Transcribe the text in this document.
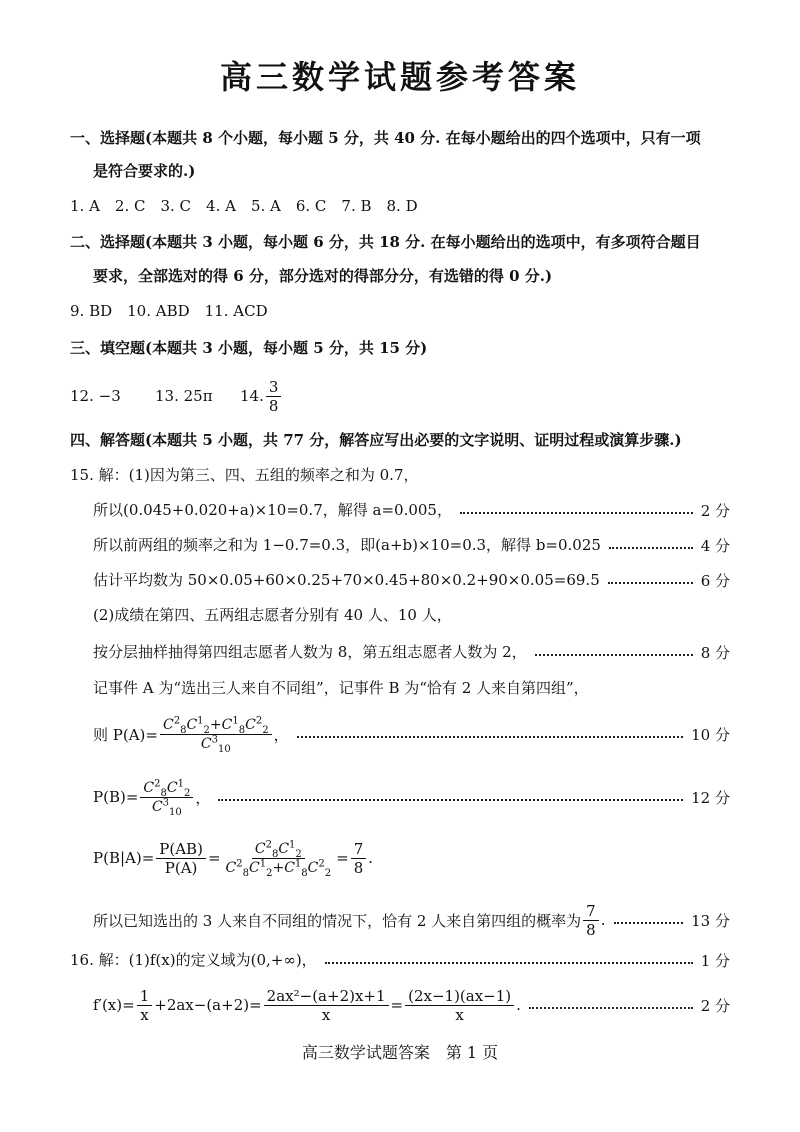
高三数学试题参考答案
一、选择题(本题共 8 个小题，每小题 5 分，共 40 分. 在每小题给出的四个选项中，只有一项
是符合要求的.)
1. A　2. C　3. C　4. A　5. A　6. C　7. B　8. D
二、选择题(本题共 3 小题，每小题 6 分，共 18 分. 在每小题给出的选项中，有多项符合题目
要求，全部选对的得 6 分，部分选对的得部分分，有选错的得 0 分.)
9. BD　10. ABD　11. ACD
三、填空题(本题共 3 小题，每小题 5 分，共 15 分)
12. −3 13. 25π 14. $\frac{3}{8}$
四、解答题(本题共 5 小题，共 77 分，解答应写出必要的文字说明、证明过程或演算步骤.)
15. 解：(1)因为第三、四、五组的频率之和为 0.7，
所以(0.045+0.020+a)×10=0.7，解得 a=0.005，	2 分
所以前两组的频率之和为 1−0.7=0.3，即(a+b)×10=0.3，解得 b=0.025	4 分
估计平均数为 50×0.05+60×0.25+70×0.45+80×0.2+90×0.05=69.5	6 分
(2)成绩在第四、五两组志愿者分别有 40 人、10 人，
按分层抽样抽得第四组志愿者人数为 8，第五组志愿者人数为 2，	8 分
记事件 A 为“选出三人来自不同组”，记事件 B 为“恰有 2 人来自第四组”，
则 $P(A)= \frac{C^2_8C^1_2+C^1_8C^2_2}{C^3_{10}}$ ，	10 分
$P(B)= \frac{C^2_8C^1_2}{C^3_{10}}$ ，	12 分
$P(B|A)= \frac{P(AB)}{P(A)} = \frac{C^2_8C^1_2}{C^2_8C^1_2+C^1_8C^2_2} = \frac{7}{8}$ .
所以已知选出的 3 人来自不同组的情况下，恰有 2 人来自第四组的概率为 $\frac{7}{8}$ .	13 分
16. 解：(1)f(x)的定义域为(0,+∞)，	1 分
$f'(x)= \frac{1}{x} +2ax-(a+2)= \frac{\text{2ax²−(a+2)x+1}}{x} = \frac{(2x-1)(ax-1)}{x}$ .	2 分
高三数学试题答案　第 1 页
